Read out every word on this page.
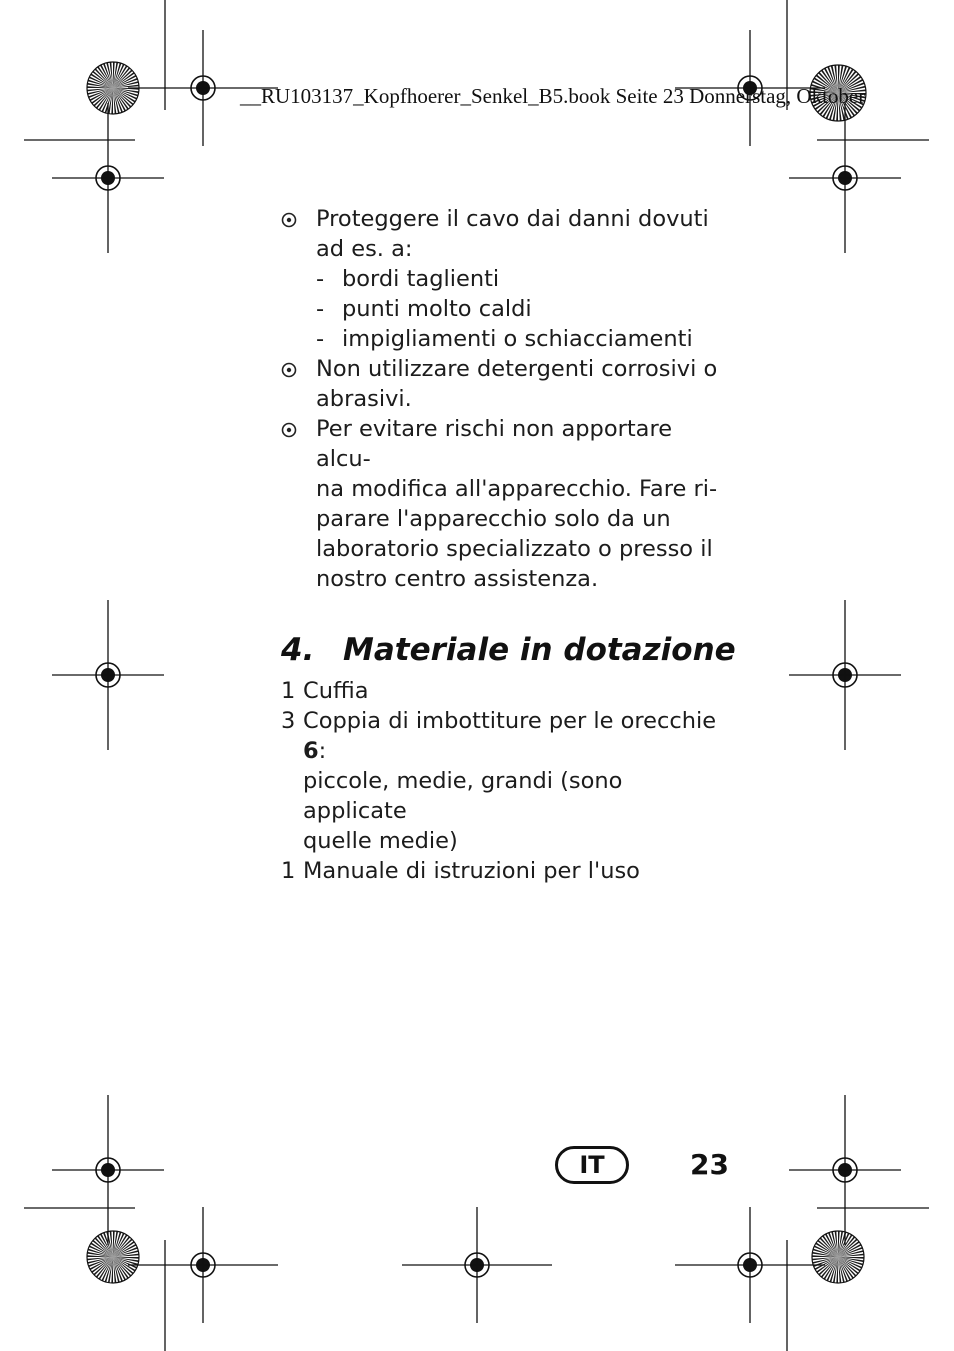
__RU103137_Kopfhoerer_Senkel_B5.book Seite 23 Donnerstag, Oktober
Proteggere il cavo dai danni dovuti
ad es. a:
- bordi taglienti
- punti molto caldi
- impigliamenti o schiacciamenti
Non utilizzare detergenti corrosivi o
abrasivi.
Per evitare rischi non apportare alcu-
na modifica all'apparecchio. Fare ri-
parare l'apparecchio solo da un
laboratorio specializzato o presso il
nostro centro assistenza.
4. Materiale in dotazione
1 Cuffia
3 Coppia di imbottiture per le orecchie 6:
piccole, medie, grandi (sono applicate
quelle medie)
1 Manuale di istruzioni per l'uso
IT	23
